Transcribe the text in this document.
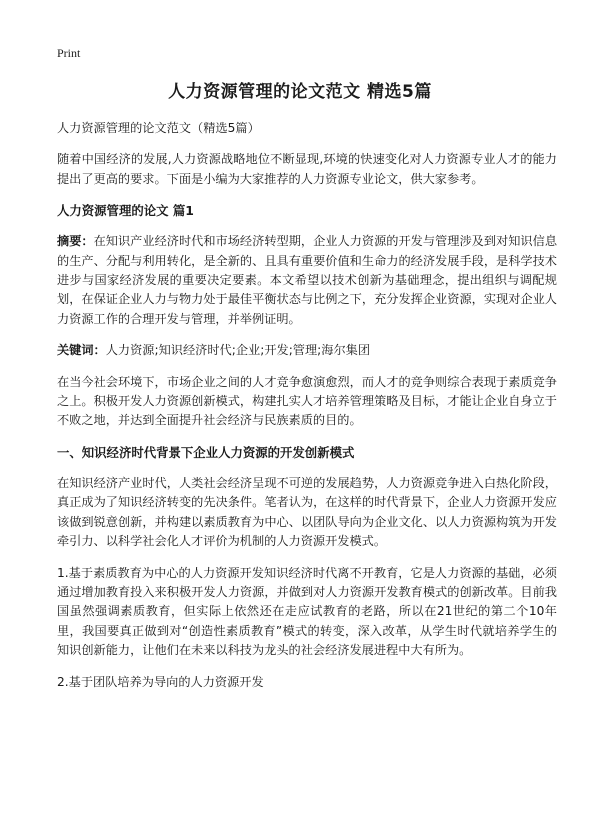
Print
人力资源管理的论文范文 精选5篇

人力资源管理的论文范文（精选5篇）

随着中国经济的发展,人力资源战略地位不断显现,环境的快速变化对人力资源专业人才的能力提出了更高的要求。下面是小编为大家推荐的人力资源专业论文，供大家参考。

人力资源管理的论文 篇1

摘要：在知识产业经济时代和市场经济转型期，企业人力资源的开发与管理涉及到对知识信息的生产、分配与利用转化，是全新的、且具有重要价值和生命力的经济发展手段，是科学技术进步与国家经济发展的重要决定要素。本文希望以技术创新为基础理念，提出组织与调配规划，在保证企业人力与物力处于最佳平衡状态与比例之下，充分发挥企业资源，实现对企业人力资源工作的合理开发与管理，并举例证明。

关键词：人力资源;知识经济时代;企业;开发;管理;海尔集团

在当今社会环境下，市场企业之间的人才竞争愈演愈烈，而人才的竞争则综合表现于素质竞争之上。积极开发人力资源创新模式，构建扎实人才培养管理策略及目标，才能让企业自身立于不败之地，并达到全面提升社会经济与民族素质的目的。

一、知识经济时代背景下企业人力资源的开发创新模式

在知识经济产业时代，人类社会经济呈现不可逆的发展趋势，人力资源竞争进入白热化阶段，真正成为了知识经济转变的先决条件。笔者认为，在这样的时代背景下，企业人力资源开发应该做到锐意创新，并构建以素质教育为中心、以团队导向为企业文化、以人力资源构筑为开发牵引力、以科学社会化人才评价为机制的人力资源开发模式。

1.基于素质教育为中心的人力资源开发知识经济时代离不开教育，它是人力资源的基础，必须通过增加教育投入来积极开发人力资源，并做到对人力资源开发教育模式的创新改革。目前我国虽然强调素质教育，但实际上依然还在走应试教育的老路，所以在21世纪的第二个10年里，我国要真正做到对“创造性素质教育”模式的转变，深入改革，从学生时代就培养学生的知识创新能力，让他们在未来以科技为龙头的社会经济发展进程中大有所为。

2.基于团队培养为导向的人力资源开发
